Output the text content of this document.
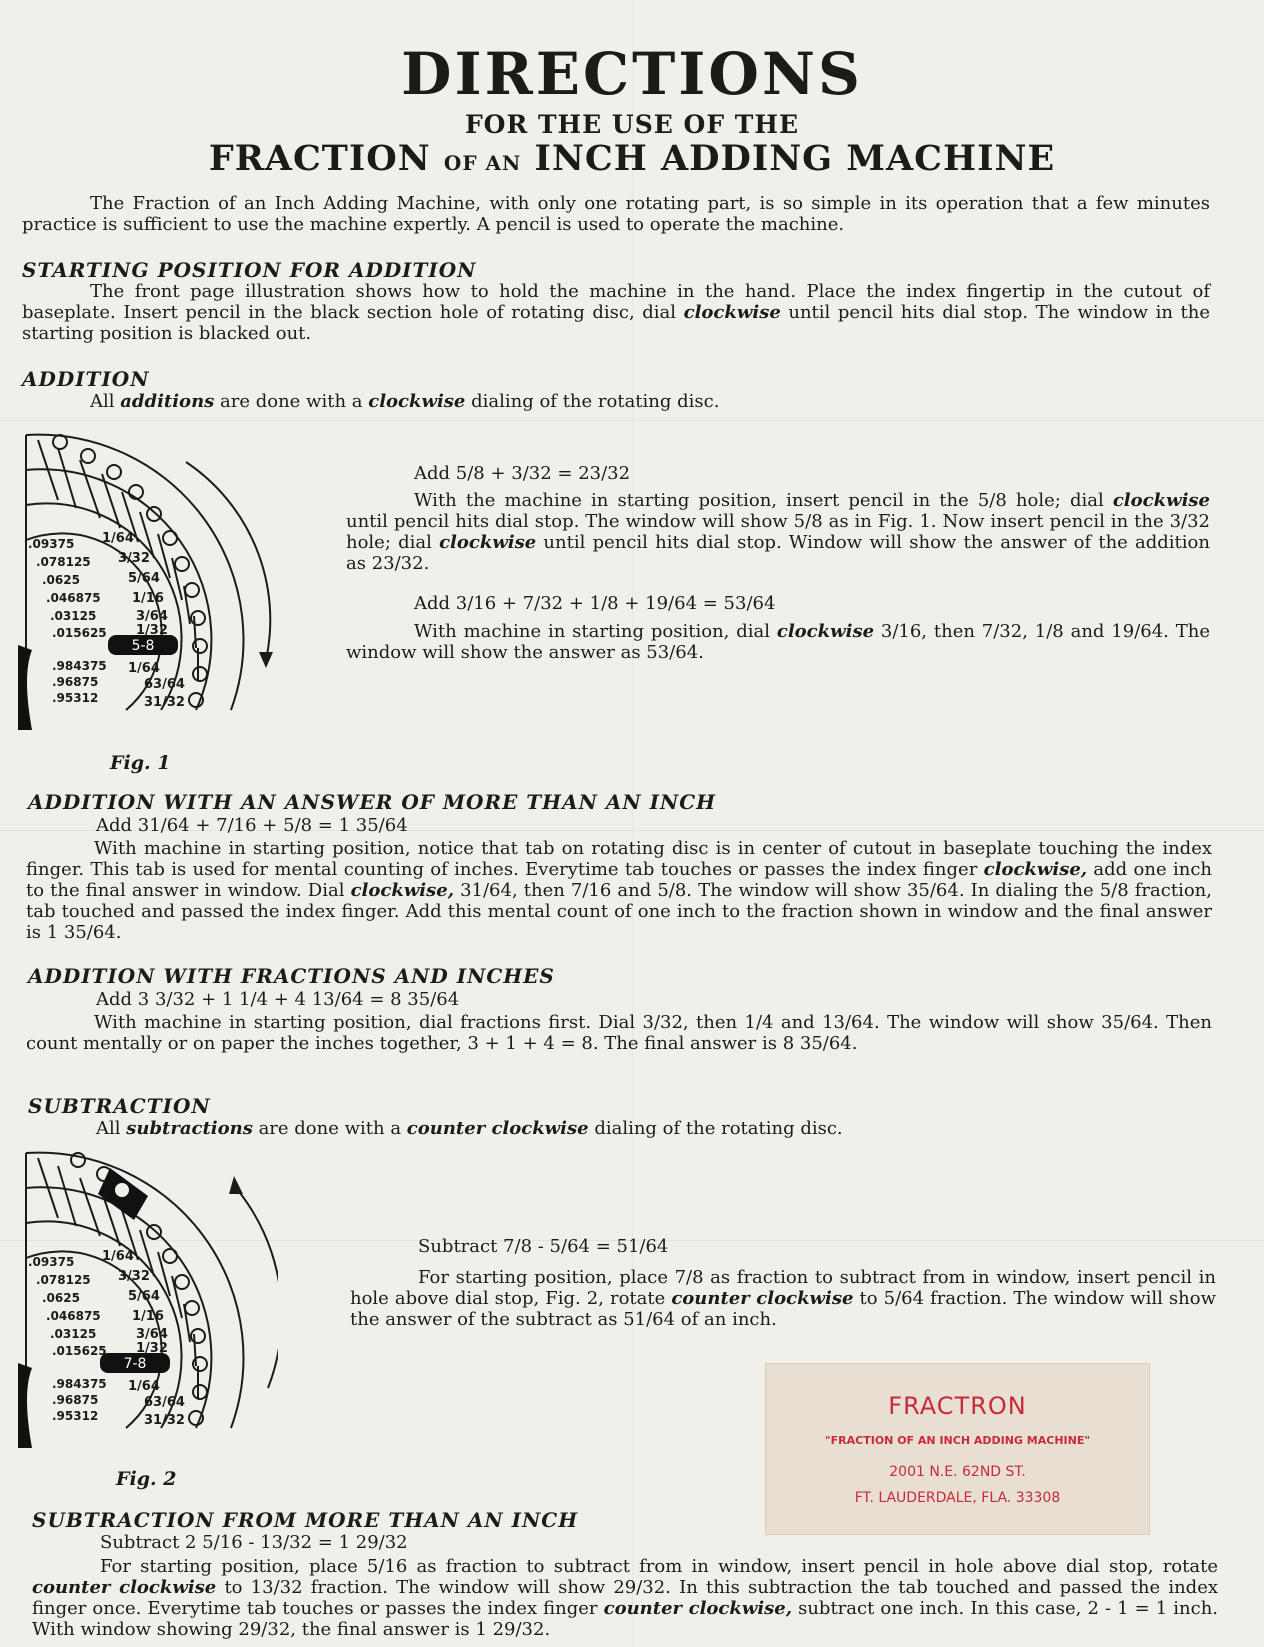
DIRECTIONS
FOR THE USE OF THE
FRACTION OF AN INCH ADDING MACHINE

The Fraction of an Inch Adding Machine, with only one rotating part, is so simple in its operation that a few minutes practice is sufficient to use the machine expertly. A pencil is used to operate the machine.

STARTING POSITION FOR ADDITION

The front page illustration shows how to hold the machine in the hand. Place the index fingertip in the cutout of baseplate. Insert pencil in the black section hole of rotating disc, dial clockwise until pencil hits dial stop. The window in the starting position is blacked out.

ADDITION

All additions are done with a clockwise dialing of the rotating disc.

5-8
.09375
.078125
.0625
.046875
.03125
.015625
.984375
.96875
.95312
1/64
3/32
5/64
1/16
3/64
1/32
1/64
63/64
31/32
Fig. 1

Add 5/8 + 3/32 = 23/32

With the machine in starting position, insert pencil in the 5/8 hole; dial clockwise until pencil hits dial stop. The window will show 5/8 as in Fig. 1. Now insert pencil in the 3/32 hole; dial clockwise until pencil hits dial stop. Window will show the answer of the addition as 23/32.

Add 3/16 + 7/32 + 1/8 + 19/64 = 53/64

With machine in starting position, dial clockwise 3/16, then 7/32, 1/8 and 19/64. The window will show the answer as 53/64.

ADDITION WITH AN ANSWER OF MORE THAN AN INCH

Add 31/64 + 7/16 + 5/8 = 1 35/64

With machine in starting position, notice that tab on rotating disc is in center of cutout in baseplate touching the index finger. This tab is used for mental counting of inches. Everytime tab touches or passes the index finger clockwise, add one inch to the final answer in window. Dial clockwise, 31/64, then 7/16 and 5/8. The window will show 35/64. In dialing the 5/8 fraction, tab touched and passed the index finger. Add this mental count of one inch to the fraction shown in window and the final answer is 1 35/64.

ADDITION WITH FRACTIONS AND INCHES

Add 3 3/32 + 1 1/4 + 4 13/64 = 8 35/64

With machine in starting position, dial fractions first. Dial 3/32, then 1/4 and 13/64. The window will show 35/64. Then count mentally or on paper the inches together, 3 + 1 + 4 = 8. The final answer is 8 35/64.

SUBTRACTION

All subtractions are done with a counter clockwise dialing of the rotating disc.

7-8
.09375
.078125
.0625
.046875
.03125
.015625
.984375
.96875
.95312
1/64
3/32
5/64
1/16
3/64
1/32
1/64
63/64
31/32
Fig. 2

Subtract 7/8 - 5/64 = 51/64

For starting position, place 7/8 as fraction to subtract from in window, insert pencil in hole above dial stop, Fig. 2, rotate counter clockwise to 5/64 fraction. The window will show the answer of the subtract as 51/64 of an inch.

FRACTRON
"FRACTION OF AN INCH ADDING MACHINE"
2001 N.E. 62ND ST.
FT. LAUDERDALE, FLA. 33308
SUBTRACTION FROM MORE THAN AN INCH

Subtract 2 5/16 - 13/32 = 1 29/32

For starting position, place 5/16 as fraction to subtract from in window, insert pencil in hole above dial stop, rotate counter clockwise to 13/32 fraction. The window will show 29/32. In this subtraction the tab touched and passed the index finger once. Everytime tab touches or passes the index finger counter clockwise, subtract one inch. In this case, 2 - 1 = 1 inch. With window showing 29/32, the final answer is 1 29/32.
